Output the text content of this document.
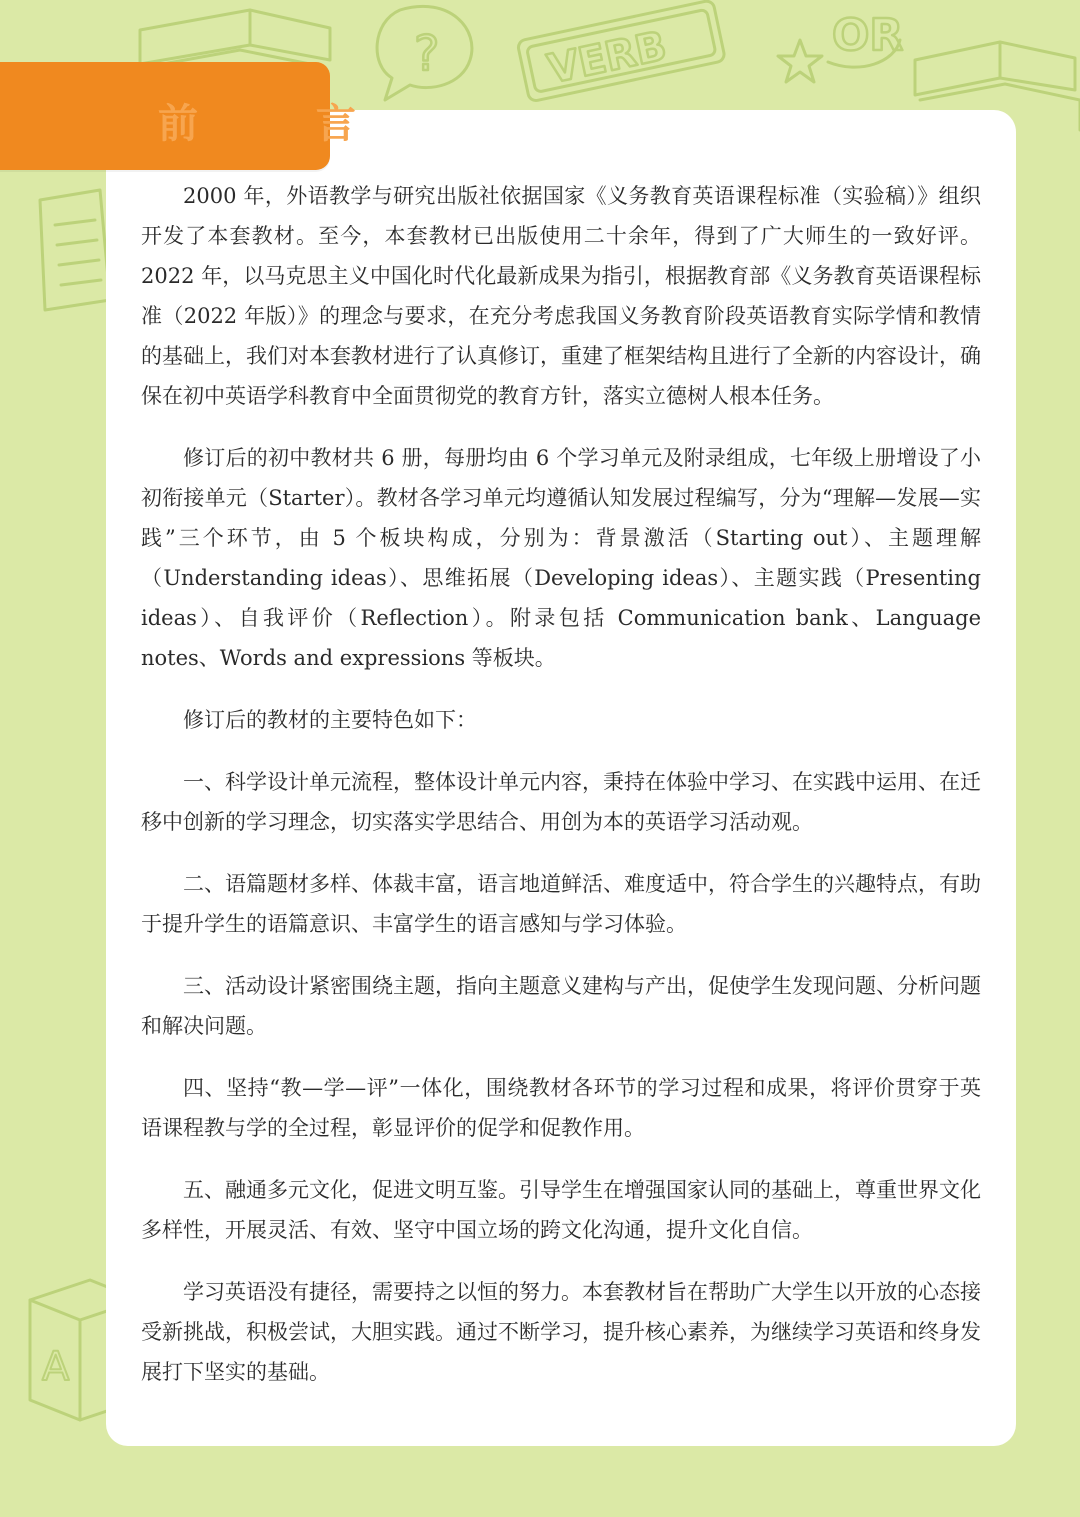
?	VERB	OR
A
前 言

2000 年，外语教学与研究出版社依据国家《义务教育英语课程标准（实验稿）》组织开发了本套教材。至今，本套教材已出版使用二十余年，得到了广大师生的一致好评。2022 年，以马克思主义中国化时代化最新成果为指引，根据教育部《义务教育英语课程标准（2022 年版）》的理念与要求，在充分考虑我国义务教育阶段英语教育实际学情和教情的基础上，我们对本套教材进行了认真修订，重建了框架结构且进行了全新的内容设计，确保在初中英语学科教育中全面贯彻党的教育方针，落实立德树人根本任务。

修订后的初中教材共 6 册，每册均由 6 个学习单元及附录组成，七年级上册增设了小初衔接单元（Starter）。教材各学习单元均遵循认知发展过程编写，分为“理解—发展—实践”三个环节，由 5 个板块构成，分别为：背景激活（Starting out）、主题理解（Understanding ideas）、思维拓展（Developing ideas）、主题实践（Presenting ideas）、自我评价（Reflection）。附录包括 Communication bank、Language notes、Words and expressions 等板块。

修订后的教材的主要特色如下：

一、科学设计单元流程，整体设计单元内容，秉持在体验中学习、在实践中运用、在迁移中创新的学习理念，切实落实学思结合、用创为本的英语学习活动观。

二、语篇题材多样、体裁丰富，语言地道鲜活、难度适中，符合学生的兴趣特点，有助于提升学生的语篇意识、丰富学生的语言感知与学习体验。

三、活动设计紧密围绕主题，指向主题意义建构与产出，促使学生发现问题、分析问题和解决问题。

四、坚持“教—学—评”一体化，围绕教材各环节的学习过程和成果，将评价贯穿于英语课程教与学的全过程，彰显评价的促学和促教作用。

五、融通多元文化，促进文明互鉴。引导学生在增强国家认同的基础上，尊重世界文化多样性，开展灵活、有效、坚守中国立场的跨文化沟通，提升文化自信。

学习英语没有捷径，需要持之以恒的努力。本套教材旨在帮助广大学生以开放的心态接受新挑战，积极尝试，大胆实践。通过不断学习，提升核心素养，为继续学习英语和终身发展打下坚实的基础。
